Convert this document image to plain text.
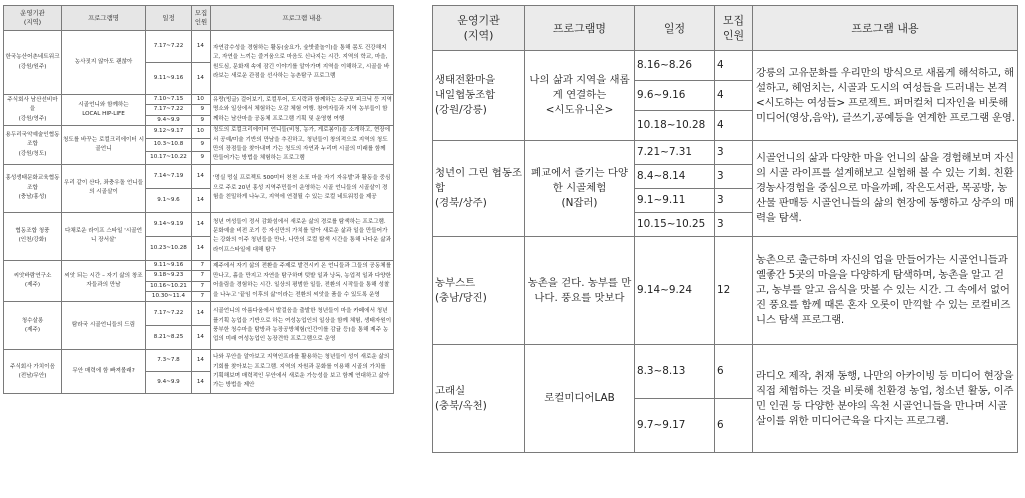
운영기관
(지역)	프로그램명	일정	모집
인원	프로그램 내용
한국농산어촌네트워크
(강원/원주)	농사짓지 않아도 괜찮아	7.17~7.22	14	자연감수성을 경험하는 활동(숲요가, 숲밧줄놀이)을 통해 몸도 건강해지고, 자연을 느끼는 즐거움으로 마음도 신나지는 시간. 지역의 학교, 마을, 원도심, 문화재 속에 잠긴 이야기를 알아가며 지역을 이해하고, 시골을 바라보는 새로운 관점을 선사하는 농촌탐구 프로그램
		9.11~9.16	14	
주식회사 남산선비마을
(강원/영주)	시골언니와 함께하는
LOCAL HIP-LIFE	7.10~7.15	10	유랑(빙글) 걸어보기, 로컬투어, 도시락과 함께하는 소규모 피크닉 등 지역 명소와 일상에서 체험하는 오감 체험 여행. 참여자들과 지역 농부들이 함께하는 남산마을 공동체 프로그램 기획 및 운영형 여행
		7.17~7.22	9	
		9.4~9.9	9	
용두리국악예술인협동조합
(강원/청도)	청도를 바꾸는 로컬크리에이터 시골언니	9.12~9.17	10	청도의 로컬크리에이터 언니들(비청, 농가, 게로봄이)을 소개하고, 현장에서 공예/미술 기반의 만남을 추진하고, 청년들이 창의적으로 지역의 청도만의 장점들을 찾아내며 가는 청도의 자연과 누리며 시골의 미래를 함께 만들어가는 방법을 체험하는 프로그램
		10.3~10.8	9	
		10.17~10.22	9	
홍성생태문화교육협동조합
(충남/홍성)	우리 같이 산다, 좌충우돌 언니들의 시골살이	7.14~7.19	14	'멍실 멍실 프로젝트 500미터 천천 소포 마을 자기 자유발'과 활동을 중심으로 주로 20년 홍성 지역주민들이 운영하는 시골 언니들의 시골살이 경험을 친밀하게 나누고, 지역에 연결될 수 있는 로컬 네트워킹을 제공
		9.1~9.6	14	
협동조합 청풍
(인천/강화)	다채로운 라이프 스타일 '시골언니 장서살'	9.14~9.19	14	청년 여성들이 정서 감화섬에서 새로운 삶의 경로를 탐색하는 프로그램. 문화예술 비전 조기 등 자신만의 가치를 담아 새로운 삶과 일을 만들어가는 강화의 이주 청년들을 만나, 나만의 로컬 탐색 시간을 통해 나다운 삶과 라이프스타일에 대해 탐구
		10.23~10.28	14	
씨앗바람연구소
(제주)	씨앗 되는 시간 – 자기 삶의 창조자들과의 만남	9.11~9.16	7	제주에서 자기 삶의 전환을 주제로 발견시키 온 언니들과 그들의 공동체를 만나고, 흙을 만지고 자연을 탐구하며 텃밭 일과 낭독, 농업적 일과 다양한 어울림을 경험하는 시간. 일상의 평범한 일들, 전환의 시작들을 통해 성찰을 나누고 '끝임 이후의 삶'이라는 전환의 씨앗을 품을 수 있도록 운영
		9.18~9.23	7	
		10.16~10.21	7	
		10.30~11.4	7	
청수살롱
(제주)	탐라국 시골언니들의 드림	7.17~7.22	14	시골언니의 아름다움에서 발걸음을 출발한 청년들이 마을 카페에서 청년플기획 농업을 기반으로 하는 여성농업인의 일상을 함께 체험, 생태자원이 풍부한 청수마을 탐방과 농장공방체험(인간이를 감귤 등)을 통해 제주 농업의 미래 여성농업인 농장견학 프로그램으로 운영
		8.21~8.25	14	
주식회사 가치이음
(전남/무안)	무안 매력에 함 빠져볼래?	7.3~7.8	14	나와 무안을 알아보고 지역인프라를 활용하는 청년들이 성이 새로운 삶의 기회를 찾아보는 프로그램. 지역의 자원과 문화를 이용해 시골의 가치를 기획해보며 매력적인 무안에서 새로운 가능성을 보고 함께 연대하고 삶아가는 방법을 제안
		9.4~9.9	14	
운영기관
(지역)	프로그램명	일정	모집
인원	프로그램 내용
생태전환마을
내일협동조합
(강원/강릉)	나의 삶과 지역을 새롭게 연결하는
<시도유니온>	8.16~8.26	4	강릉의 고유문화를 우리만의 방식으로 새롭게 해석하고, 해설하고, 헤엄치는, 시골과 도시의 여성들을 드러내는 본격 <시도하는 여성들> 프로젝트. 퍼머컬처 디자인을 비롯해 미디어(영상,음악), 글쓰기,공예등을 연계한 프로그램 운영.
		9.6~9.16	4	
		10.18~10.28	4	
청년이 그린 협동조합
(경북/상주)	폐교에서 즐기는 다양한 시골체험
(N잡러)	7.21~7.31	3	시골언니의 삶과 다양한 마을 언니의 삶을 경험해보며 자신의 시골 라이프를 설계해보고 실험해 볼 수 있는 기회. 친환경농사경험을 중심으로 마을까페, 작은도서관, 목공방, 농산물 판매등 시골언니들의 삶의 현장에 동행하고 상주의 매력을 탐색.
		8.4~8.14	3	
		9.1~9.11	3	
		10.15~10.25	3	
농부스트
(충남/당진)	농촌을 걷다. 농부를 만나다. 풍요를 맛보다	9.14~9.24	12	농촌으로 출근하며 자신의 업을 만들어가는 시골언니들과 옐좋간 5곳의 마을을 다양하게 탐색하며, 농촌을 알고 걷고, 농부를 알고 음식을 맛볼 수 있는 시간. 그 속에서 없어진 풍요를 함께 때론 혼자 오롯이 만끽할 수 있는 로컬비즈니스 탐색 프로그램.
고래실
(충북/옥천)	로컬미디어LAB	8.3~8.13	6	라디오 제작, 취재 동행, 나만의 아카이빙 등 미디어 현장을 직접 체험하는 것을 비롯해 친환경 농업, 청소년 활동, 이주민 인권 등 다양한 분야의 옥천 시골언니들을 만나며 시골살이를 위한 미디어근육을 다지는 프로그램.
		9.7~9.17	6	
